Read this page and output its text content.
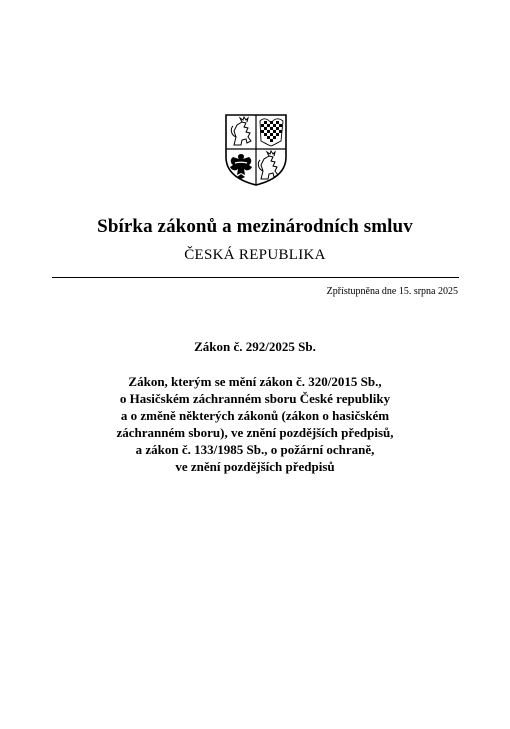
Sbírka zákonů a mezinárodních smluv
ČESKÁ REPUBLIKA
Zpřístupněna dne 15. srpna 2025
Zákon č. 292/2025 Sb.
Zákon, kterým se mění zákon č. 320/2015 Sb.,
o Hasičském záchranném sboru České republiky
a o změně některých zákonů (zákon o hasičském
záchranném sboru), ve znění pozdějších předpisů,
a zákon č. 133/1985 Sb., o požární ochraně,
ve znění pozdějších předpisů
